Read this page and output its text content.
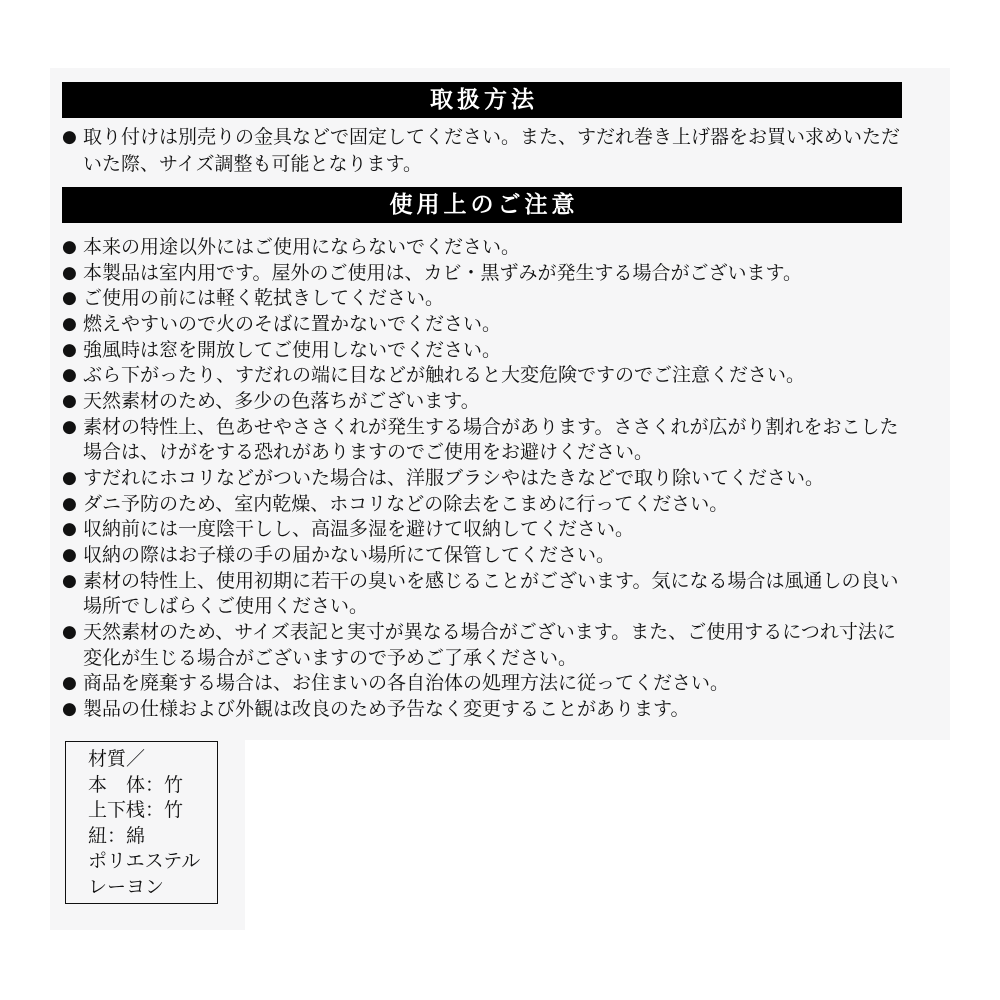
取扱方法
● 取り付けは別売りの金具などで固定してください。また、すだれ巻き上げ器をお買い求めいただ
いた際、サイズ調整も可能となります。
使用上のご注意
● 本来の用途以外にはご使用にならないでください。
● 本製品は室内用です。屋外のご使用は、カビ・黒ずみが発生する場合がございます。
● ご使用の前には軽く乾拭きしてください。
● 燃えやすいので火のそばに置かないでください。
● 強風時は窓を開放してご使用しないでください。
● ぶら下がったり、すだれの端に目などが触れると大変危険ですのでご注意ください。
● 天然素材のため、多少の色落ちがございます。
● 素材の特性上、色あせやささくれが発生する場合があります。ささくれが広がり割れをおこした
場合は、けがをする恐れがありますのでご使用をお避けください。
● すだれにホコリなどがついた場合は、洋服ブラシやはたきなどで取り除いてください。
● ダニ予防のため、室内乾燥、ホコリなどの除去をこまめに行ってください。
● 収納前には一度陰干しし、高温多湿を避けて収納してください。
● 収納の際はお子様の手の届かない場所にて保管してください。
● 素材の特性上、使用初期に若干の臭いを感じることがございます。気になる場合は風通しの良い
場所でしばらくご使用ください。
● 天然素材のため、サイズ表記と実寸が異なる場合がございます。また、ご使用するにつれ寸法に
変化が生じる場合がございますので予めご了承ください。
● 商品を廃棄する場合は、お住まいの各自治体の処理方法に従ってください。
● 製品の仕様および外観は改良のため予告なく変更することがあります。
材質／
本　体：竹
上下桟：竹
紐：綿
ポリエステル
レーヨン
